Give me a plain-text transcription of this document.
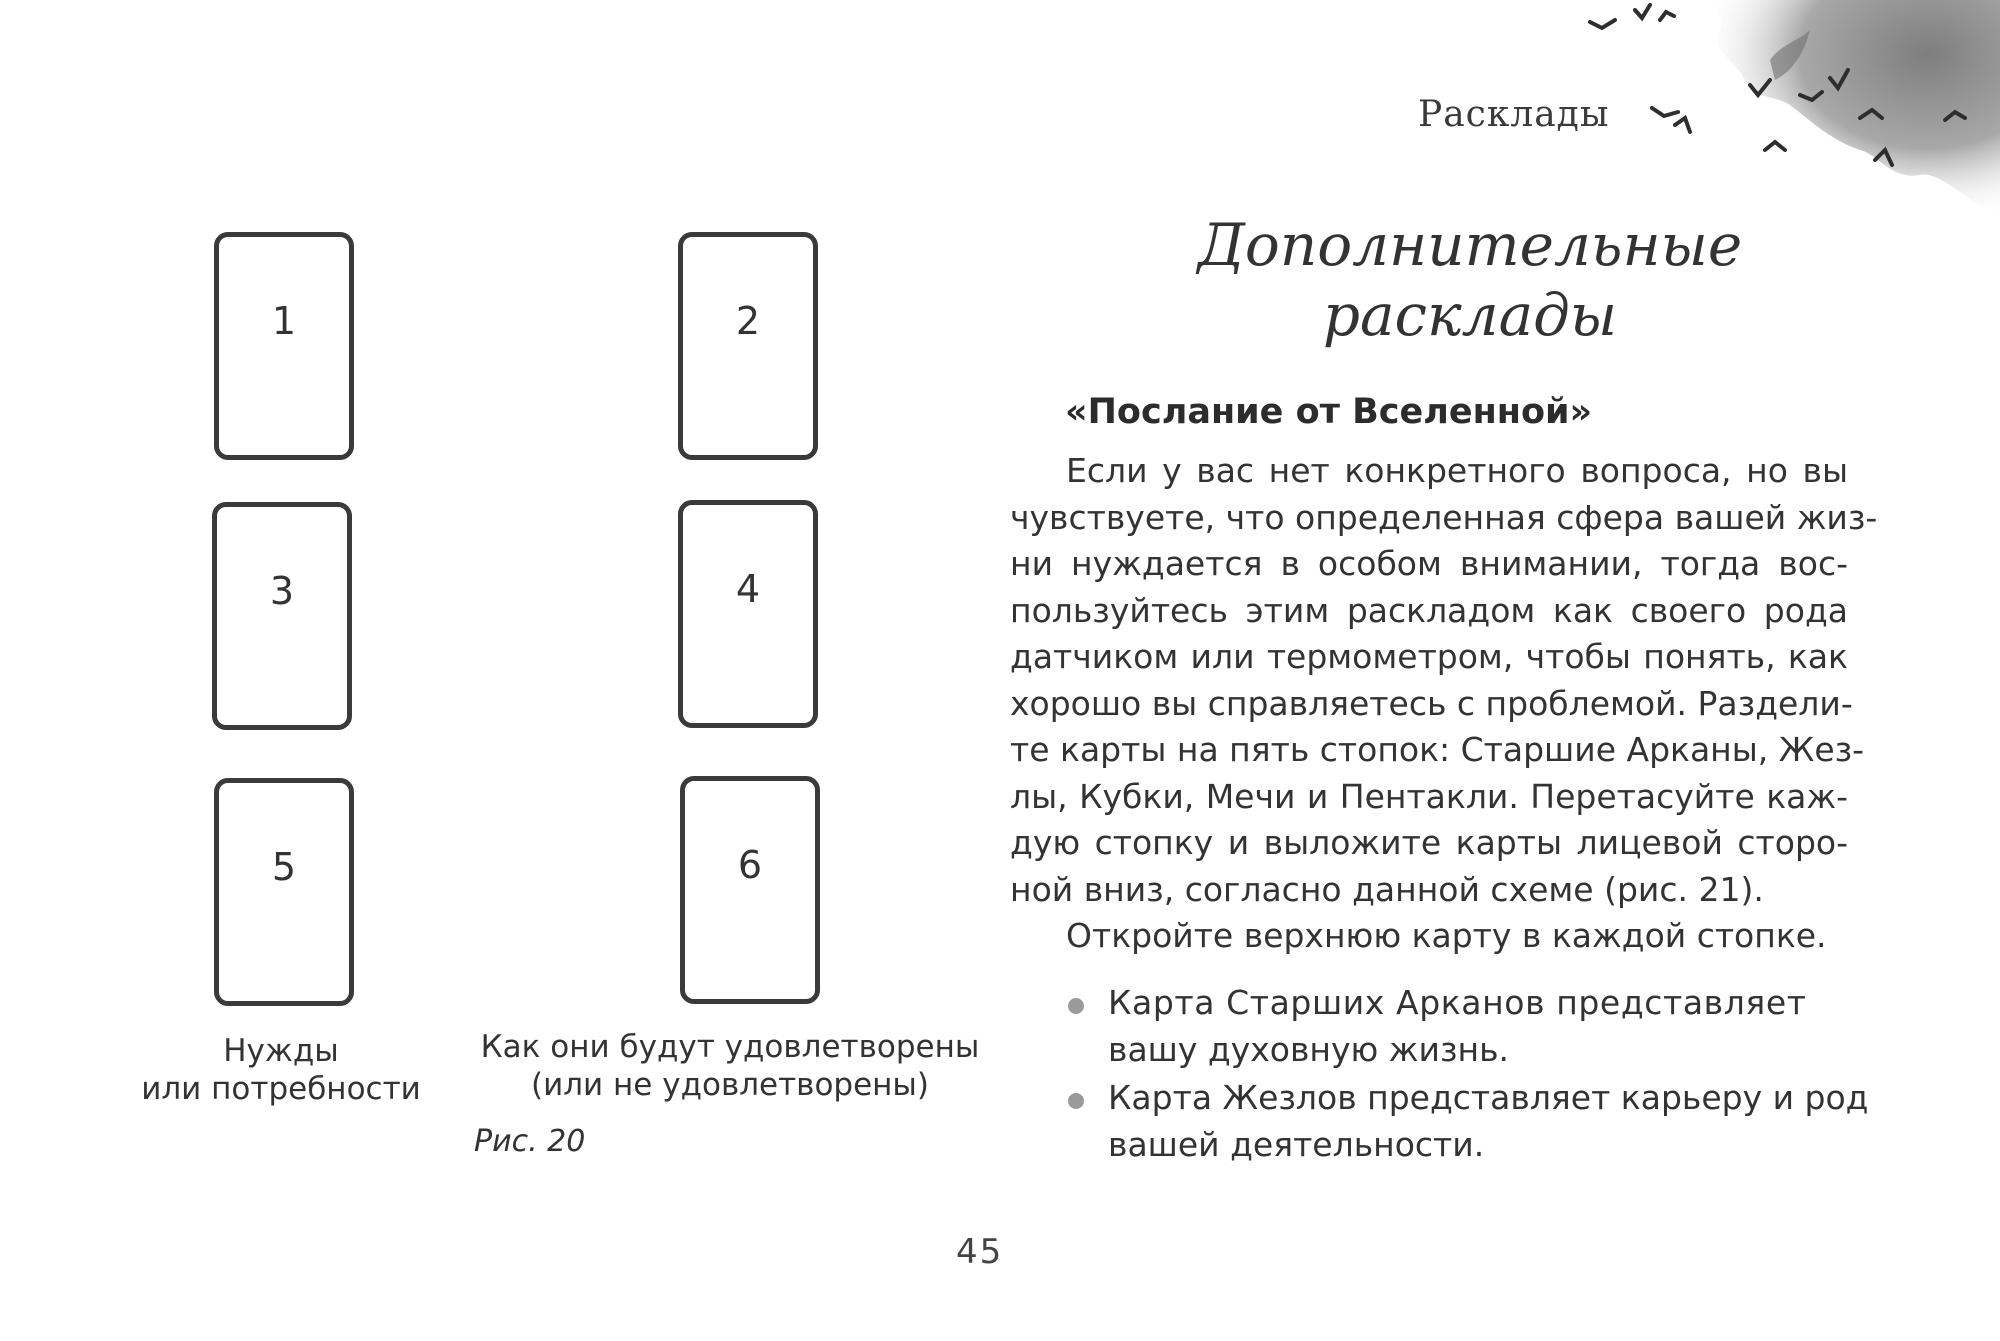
Расклады
1	2
3	4
5	6
Нужды
или потребности
Как они будут удовлетворены
(или не удовлетворены)
Рис. 20
Дополнительные
расклады
«Послание от Вселенной»
Если у вас нет конкретного вопроса, но вы
чувствуете, что определенная сфера вашей жиз-
ни нуждается в особом внимании, тогда вос-
пользуйтесь этим раскладом как своего рода
датчиком или термометром, чтобы понять, как
хорошо вы справляетесь с проблемой. Раздели-
те карты на пять стопок: Старшие Арканы, Жез-
лы, Кубки, Мечи и Пентакли. Перетасуйте каж-
дую стопку и выложите карты лицевой сторо-
ной вниз, согласно данной схеме (рис. 21).
Откройте верхнюю карту в каждой стопке.
Карта Старших Арканов представляет
вашу духовную жизнь.
Карта Жезлов представляет карьеру и род
вашей деятельности.
45
